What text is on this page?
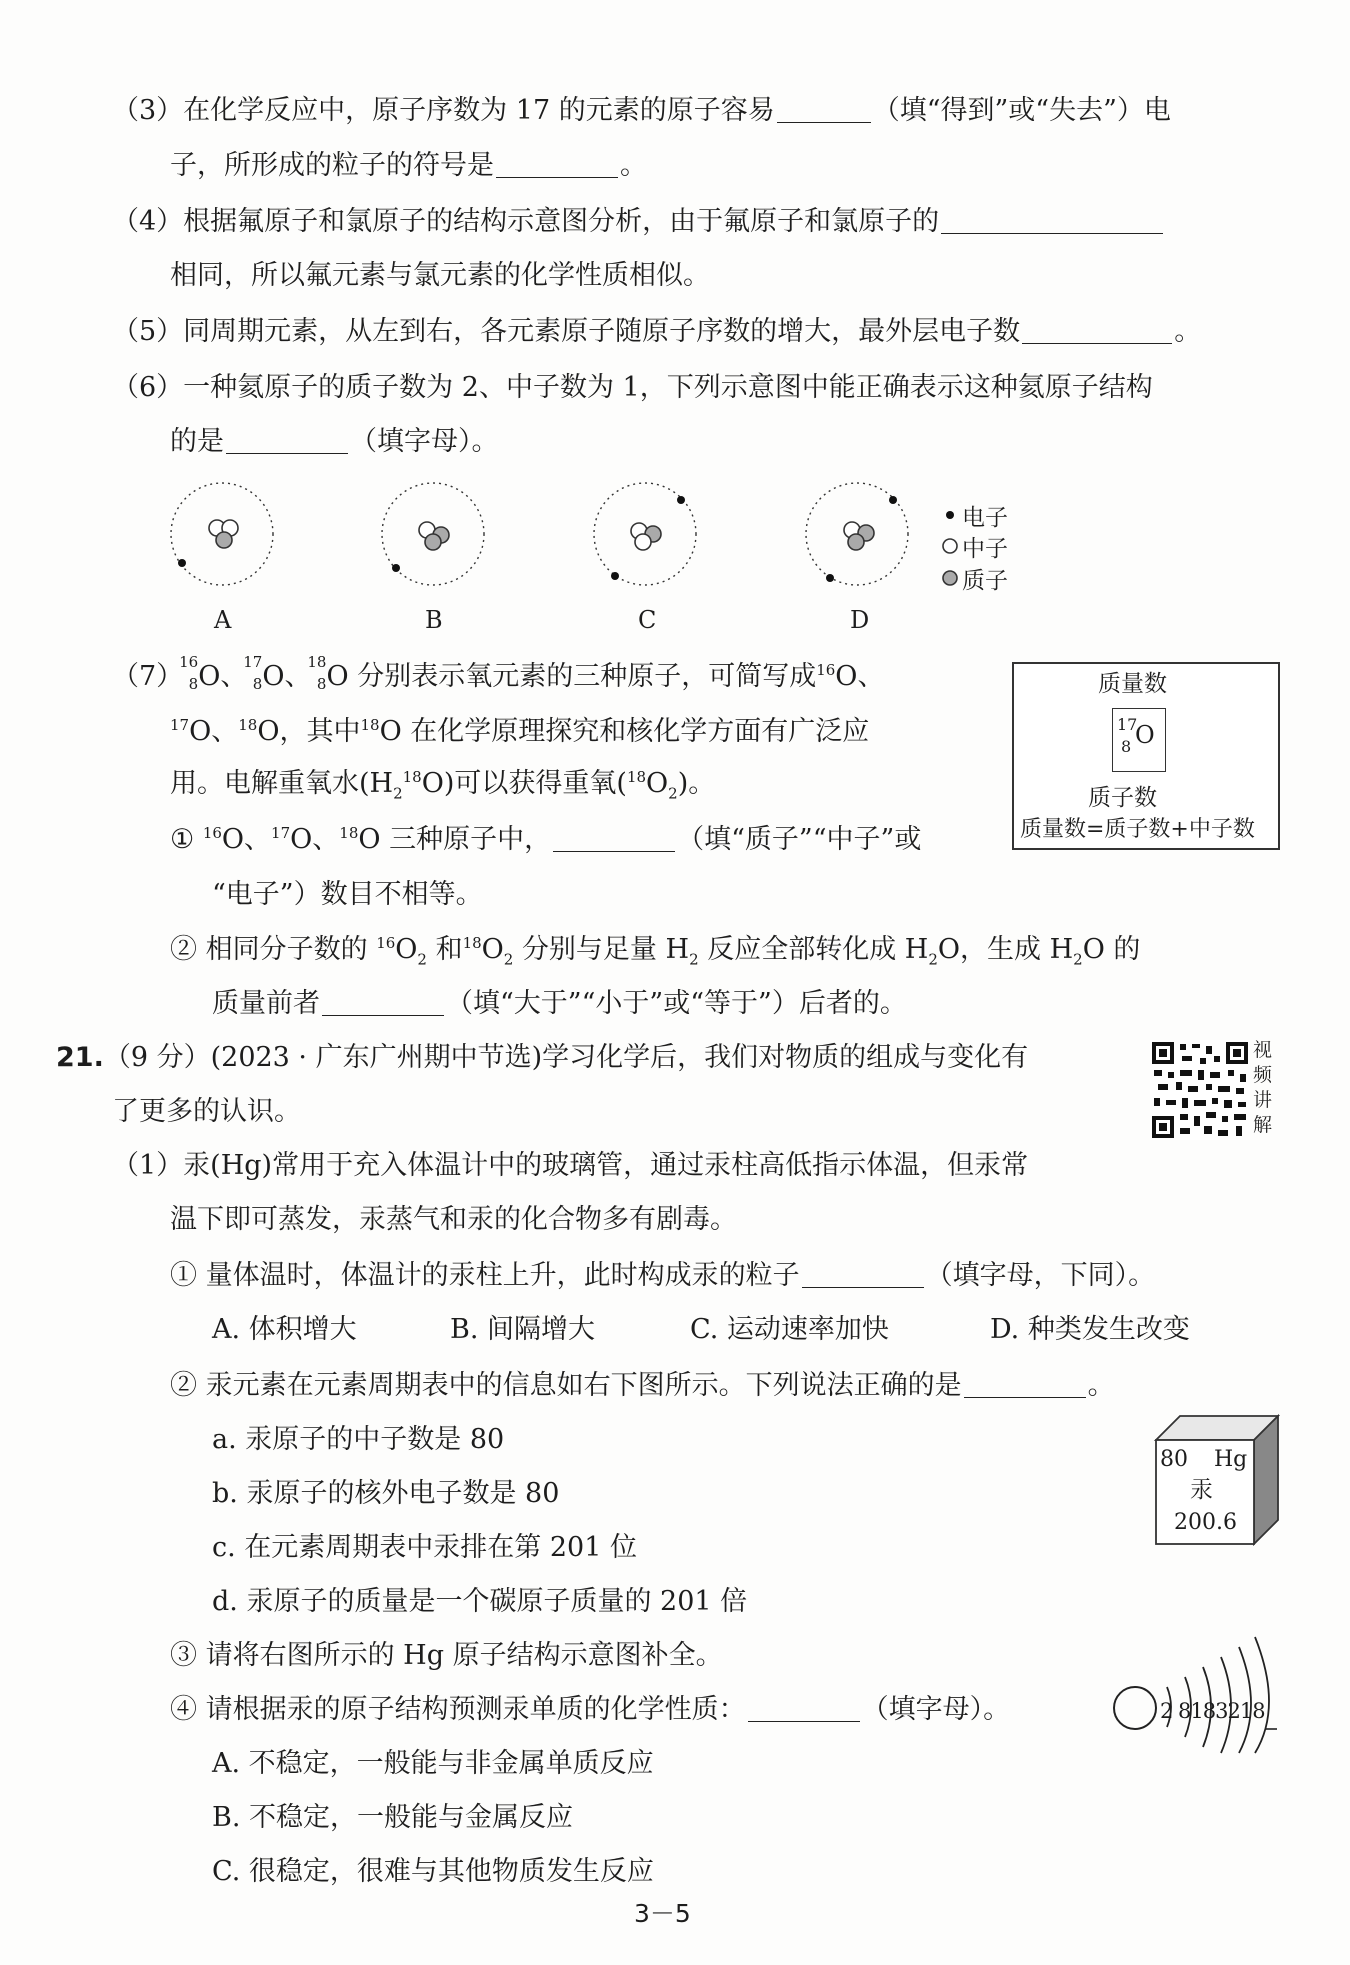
（3）在化学反应中，原子序数为 17 的元素的原子容易	（填“得到”或“失去”）电
子，所形成的粒子的符号是	。
（4）根据氟原子和氯原子的结构示意图分析，由于氟原子和氯原子的
相同，所以氟元素与氯元素的化学性质相似。
（5）同周期元素，从左到右，各元素原子随原子序数的增大，最外层电子数	。
（6）一种氦原子的质子数为 2、中子数为 1，下列示意图中能正确表示这种氦原子结构
的是	（填字母）。
电子
中子
质子
A	B	C	D
（7）
16
8 O、
17
8 O、
18
8 O 分别表示氧元素的三种原子，可简写成$^{16}$O、
$^{17}$O、$^{18}$O，其中$^{18}$O 在化学原理探究和核化学方面有广泛应
用。电解重氧水$(H_2^{18}O)$可以获得重氧$(^{18}O_2)$。
质量数
17
8 O
质子数
质量数=质子数+中子数
① $^{16}$O、$^{17}$O、$^{18}$O 三种原子中，	（填“质子”“中子”或
“电子”）数目不相等。
② 相同分子数的 $^{16}O_2$ 和$^{18}O_2$ 分别与足量 $H_2$ 反应全部转化成 $H_2O$，生成 $H_2O$ 的
质量前者	（填“大于”“小于”或“等于”）后者的。
21.（9 分）(2023 · 广东广州期中节选)学习化学后，我们对物质的组成与变化有
了更多的认识。
视
频
讲
解
（1）汞(Hg)常用于充入体温计中的玻璃管，通过汞柱高低指示体温，但汞常
温下即可蒸发，汞蒸气和汞的化合物多有剧毒。
① 量体温时，体温计的汞柱上升，此时构成汞的粒子	（填字母，下同）。
A. 体积增大	B. 间隔增大	C. 运动速率加快	D. 种类发生改变
② 汞元素在元素周期表中的信息如右下图所示。下列说法正确的是	。
a. 汞原子的中子数是 80
b. 汞原子的核外电子数是 80
c. 在元素周期表中汞排在第 201 位
d. 汞原子的质量是一个碳原子质量的 201 倍
80 Hg
汞
200.6
③ 请将右图所示的 Hg 原子结构示意图补全。
④ 请根据汞的原子结构预测汞单质的化学性质：	（填字母）。
A. 不稳定，一般能与非金属单质反应
B. 不稳定，一般能与金属反应
C. 很稳定，很难与其他物质发生反应
2 8183218
3－5
